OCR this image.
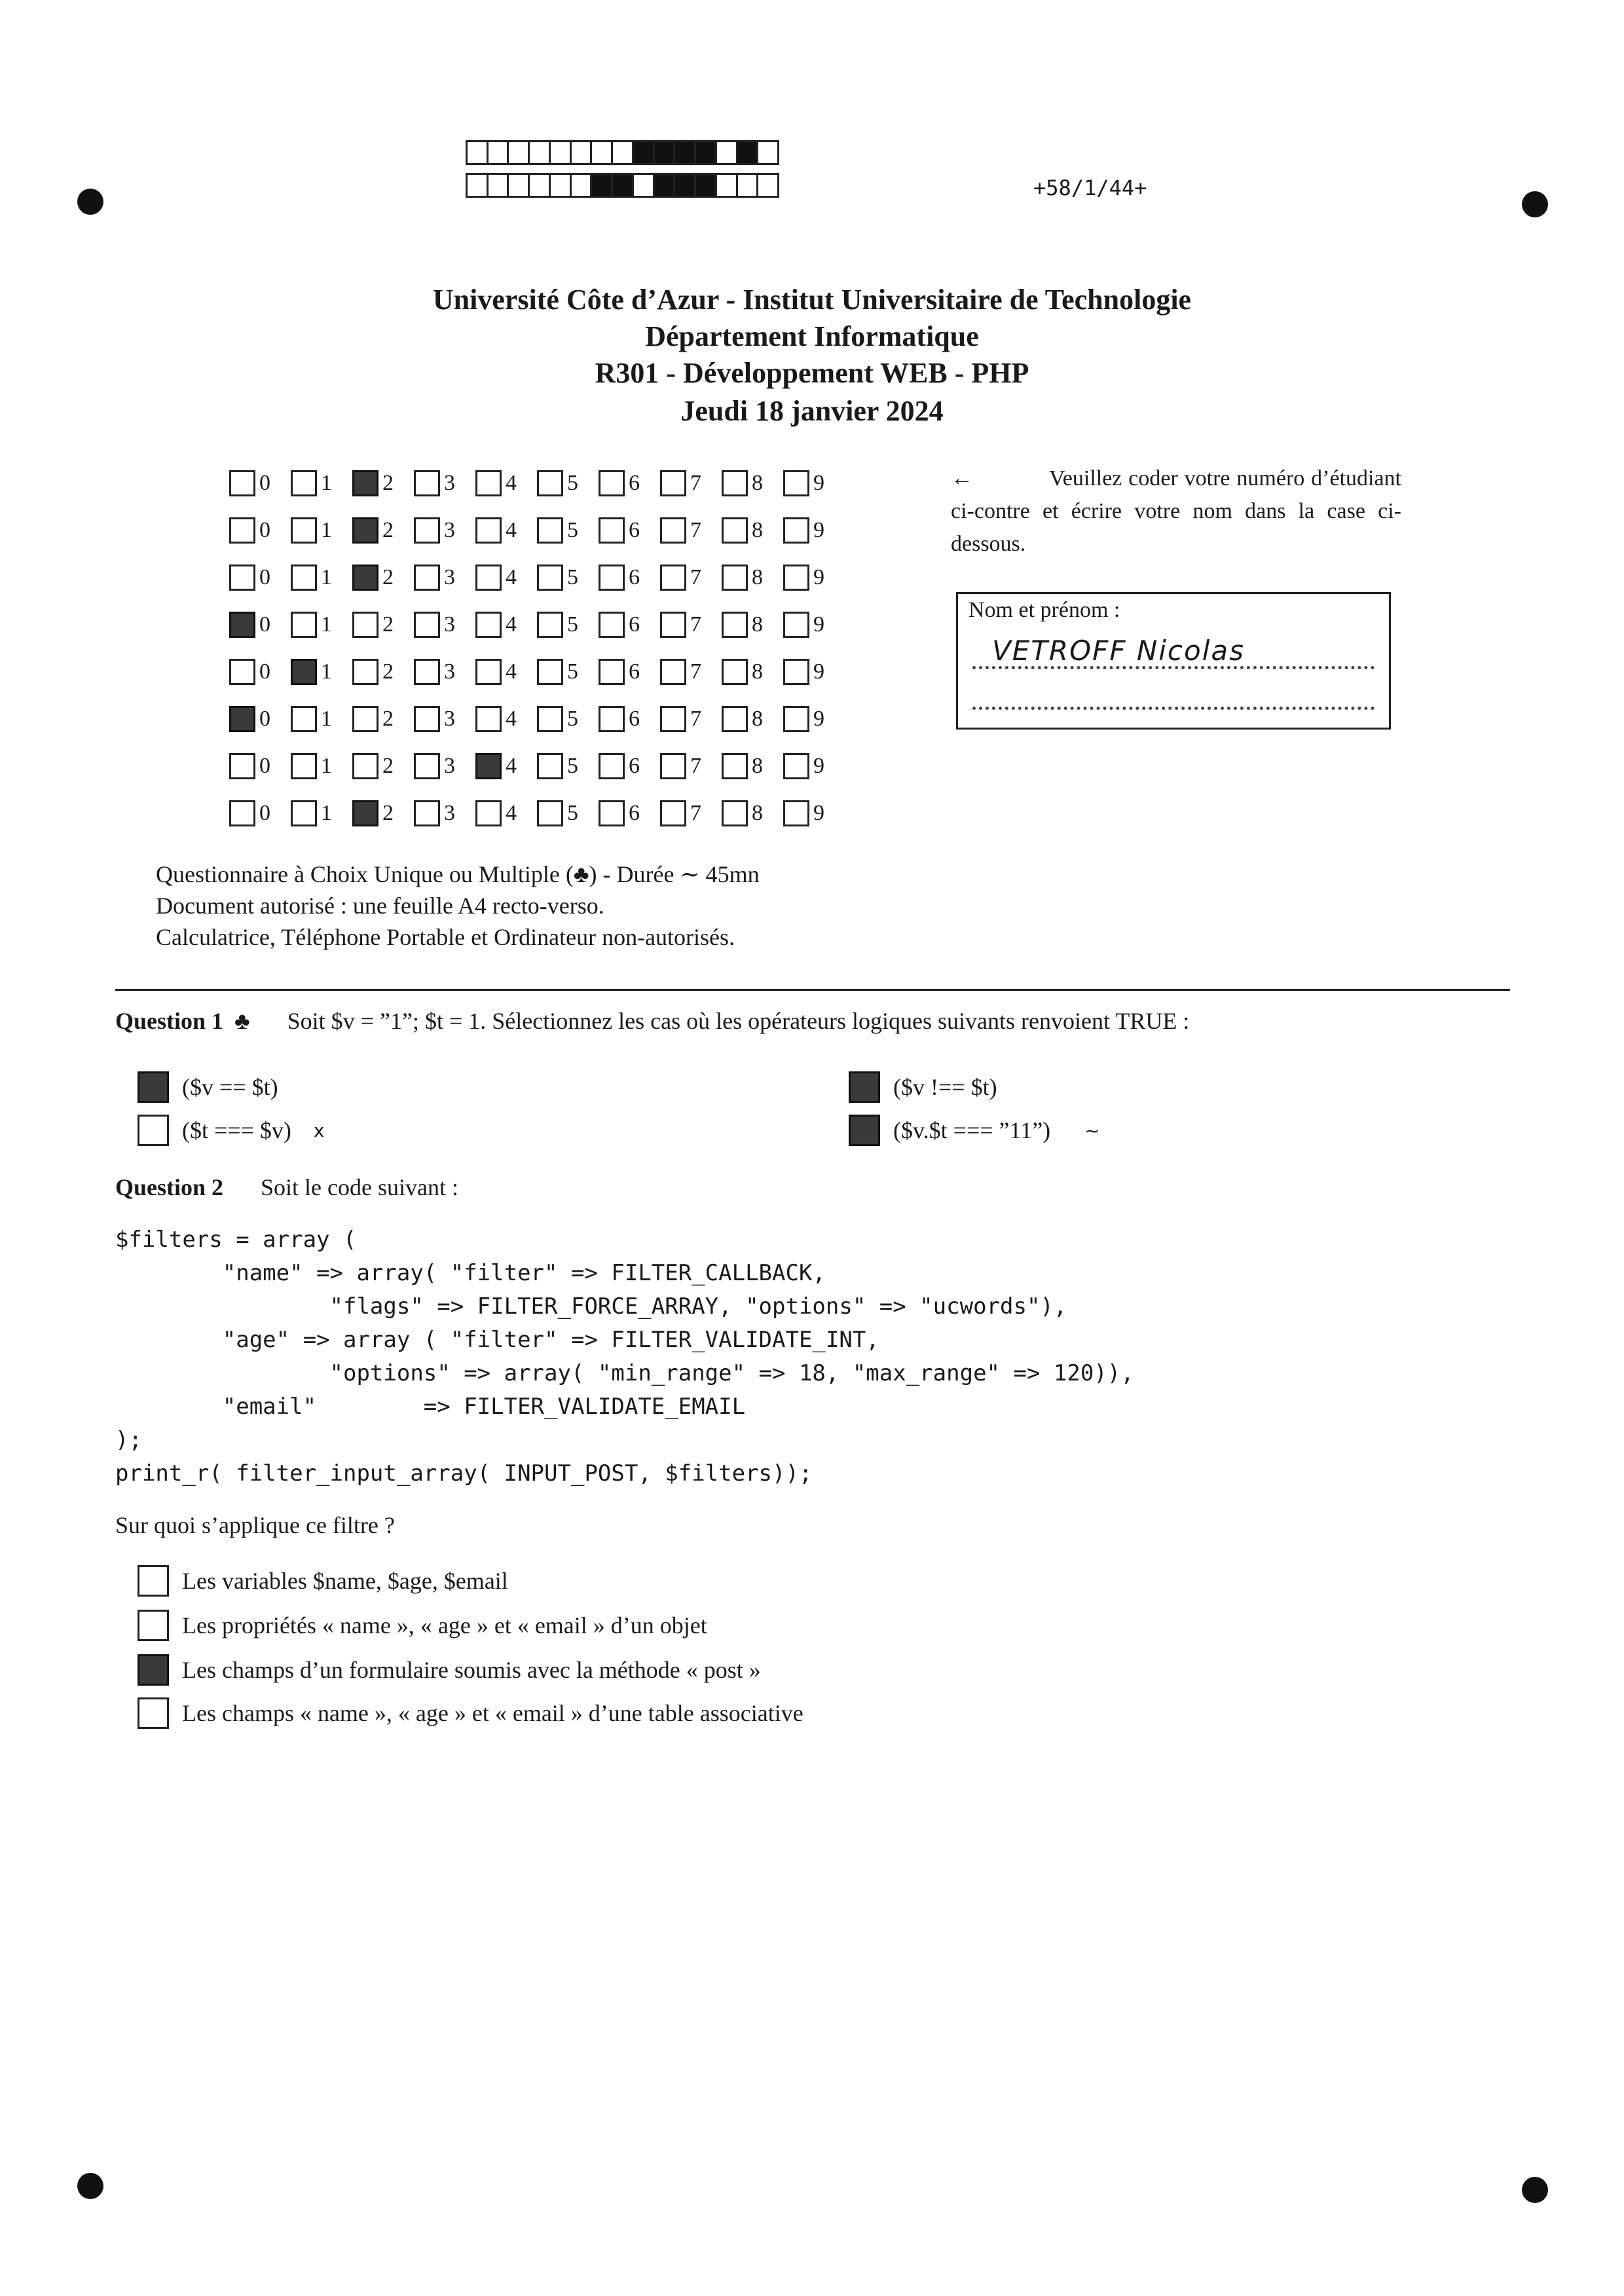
+58/1/44+
Université Côte d’Azur - Institut Universitaire de Technologie
Département Informatique
R301 - Développement WEB - PHP
Jeudi 18 janvier 2024
0 1 2 3 4 5 6 7 8 9
0 1 2 3 4 5 6 7 8 9
0 1 2 3 4 5 6 7 8 9
0 1 2 3 4 5 6 7 8 9
0 1 2 3 4 5 6 7 8 9
0 1 2 3 4 5 6 7 8 9
0 1 2 3 4 5 6 7 8 9
0 1 2 3 4 5 6 7 8 9
←	Veuillez coder votre numéro d’étudiant ci-contre et écrire votre nom dans la case ci-dessous.
Nom et prénom :
VETROFF Nicolas
Questionnaire à Choix Unique ou Multiple (♣) - Durée ∼ 45mn
Document autorisé : une feuille A4 recto-verso.
Calculatrice, Téléphone Portable et Ordinateur non-autorisés.
Question 1 ♣ Soit $v = ”1”; $t = 1. Sélectionnez les cas où les opérateurs logiques suivants renvoient TRUE :
($v == $t)	($v !== $t)
($t === $v) x	($v.$t === ”11”) ~
Question 2 Soit le code suivant :
$filters = array (
"name" => array( "filter" => FILTER_CALLBACK,
"flags" => FILTER_FORCE_ARRAY, "options" => "ucwords"),
"age" => array ( "filter" => FILTER_VALIDATE_INT,
"options" => array( "min_range" => 18, "max_range" => 120)),
"email"        => FILTER_VALIDATE_EMAIL
);
print_r( filter_input_array( INPUT_POST, $filters));
Sur quoi s’applique ce filtre ?
Les variables $name, $age, $email
Les propriétés « name », « age » et « email » d’un objet
Les champs d’un formulaire soumis avec la méthode « post »
Les champs « name », « age » et « email » d’une table associative
